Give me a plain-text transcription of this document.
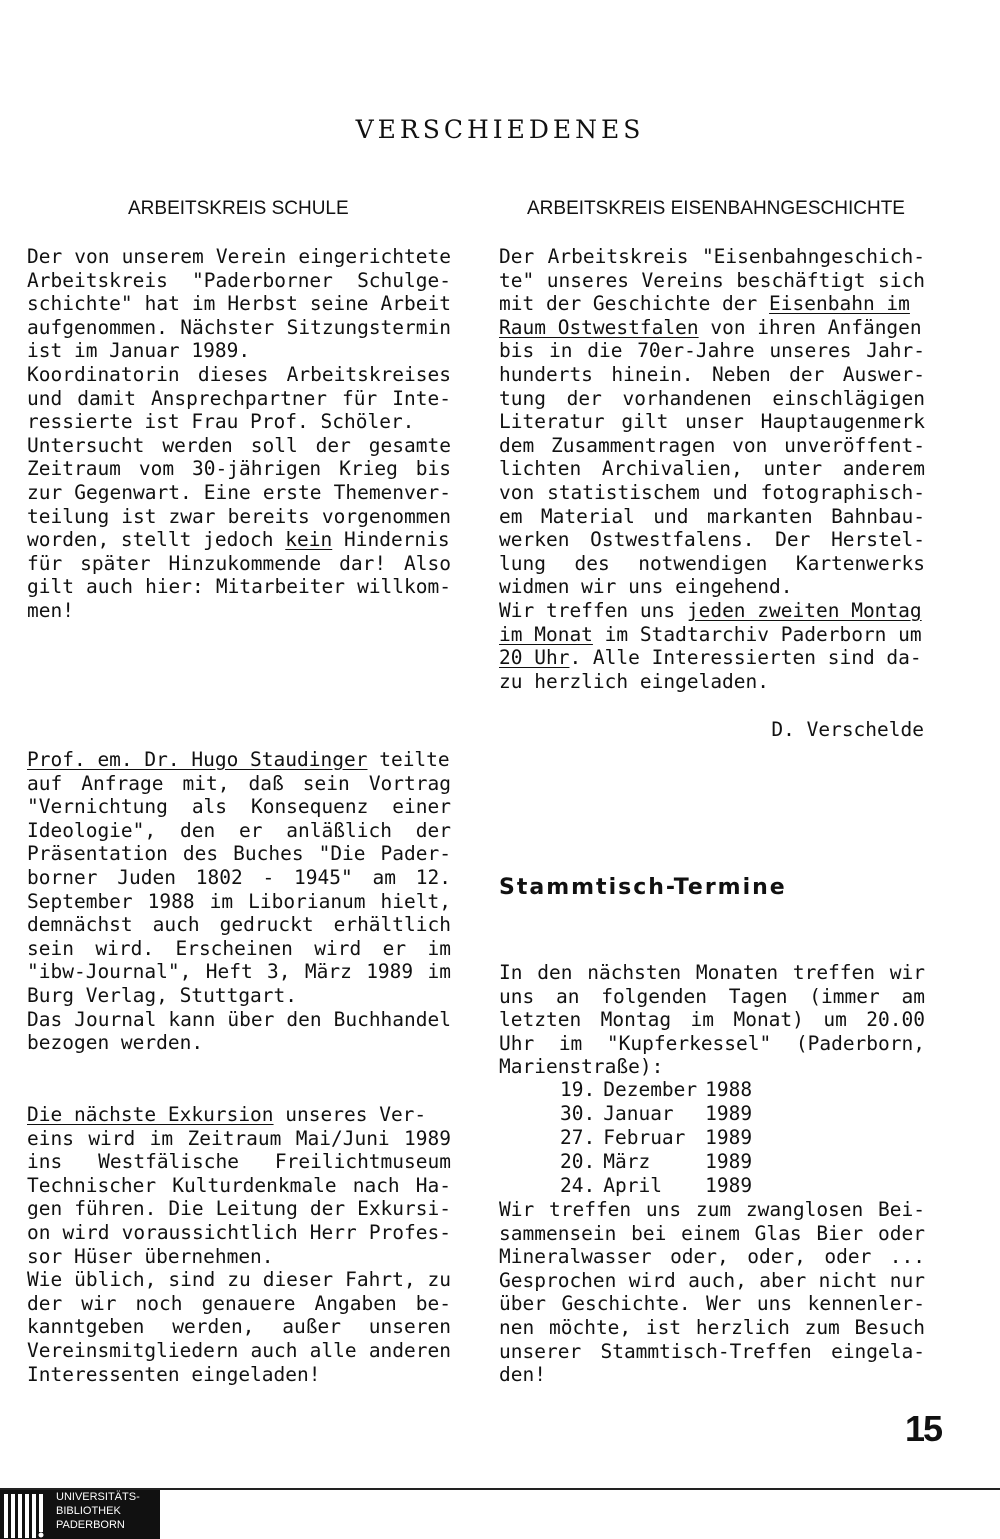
VERSCHIEDENES
ARBEITSKREIS SCHULE
Der von unserem Verein eingerichtete
Arbeitskreis "Paderborner Schulge-
schichte" hat im Herbst seine Arbeit
aufgenommen. Nächster Sitzungstermin
ist im Januar 1989.
Koordinatorin dieses Arbeitskreises
und damit Ansprechpartner für Inte-
ressierte ist Frau Prof. Schöler.
Untersucht werden soll der gesamte
Zeitraum vom 30-jährigen Krieg bis
zur Gegenwart. Eine erste Themenver-
teilung ist zwar bereits vorgenommen
worden, stellt jedoch kein Hindernis
für später Hinzukommende dar! Also
gilt auch hier: Mitarbeiter willkom-
men!
Prof. em. Dr. Hugo Staudinger teilte
auf Anfrage mit, daß sein Vortrag
"Vernichtung als Konsequenz einer
Ideologie", den er anläßlich der
Präsentation des Buches "Die Pader-
borner Juden 1802 - 1945" am 12.
September 1988 im Liborianum hielt,
demnächst auch gedruckt erhältlich
sein wird. Erscheinen wird er im
"ibw-Journal", Heft 3, März 1989 im
Burg Verlag, Stuttgart.
Das Journal kann über den Buchhandel
bezogen werden.
Die nächste Exkursion unseres Ver-
eins wird im Zeitraum Mai/Juni 1989
ins Westfälische Freilichtmuseum
Technischer Kulturdenkmale nach Ha-
gen führen. Die Leitung der Exkursi-
on wird voraussichtlich Herr Profes-
sor Hüser übernehmen.
Wie üblich, sind zu dieser Fahrt, zu
der wir noch genauere Angaben be-
kanntgeben werden, außer unseren
Vereinsmitgliedern auch alle anderen
Interessenten eingeladen!
ARBEITSKREIS EISENBAHNGESCHICHTE
Der Arbeitskreis "Eisenbahngeschich-
te" unseres Vereins beschäftigt sich
mit der Geschichte der Eisenbahn im
Raum Ostwestfalen von ihren Anfängen
bis in die 70er-Jahre unseres Jahr-
hunderts hinein. Neben der Auswer-
tung der vorhandenen einschlägigen
Literatur gilt unser Hauptaugenmerk
dem Zusammentragen von unveröffent-
lichten Archivalien, unter anderem
von statistischem und fotographisch-
em Material und markanten Bahnbau-
werken Ostwestfalens. Der Herstel-
lung des notwendigen Kartenwerks
widmen wir uns eingehend.
Wir treffen uns jeden zweiten Montag
im Monat im Stadtarchiv Paderborn um
20 Uhr. Alle Interessierten sind da-
zu herzlich eingeladen.
D. Verschelde
Stammtisch-Termine
In den nächsten Monaten treffen wir
uns an folgenden Tagen (immer am
letzten Montag im Monat) um 20.00
Uhr im "Kupferkessel" (Paderborn,
Marienstraße):
19.	Dezember	1988
30.	Januar	1989
27.	Februar	1989
20.	März	1989
24.	April	1989
Wir treffen uns zum zwanglosen Bei-
sammensein bei einem Glas Bier oder
Mineralwasser oder, oder, oder ...
Gesprochen wird auch, aber nicht nur
über Geschichte. Wer uns kennenler-
nen möchte, ist herzlich zum Besuch
unserer Stammtisch-Treffen eingela-
den!
15
UNIVERSITÄTS-
BIBLIOTHEK
PADERBORN
